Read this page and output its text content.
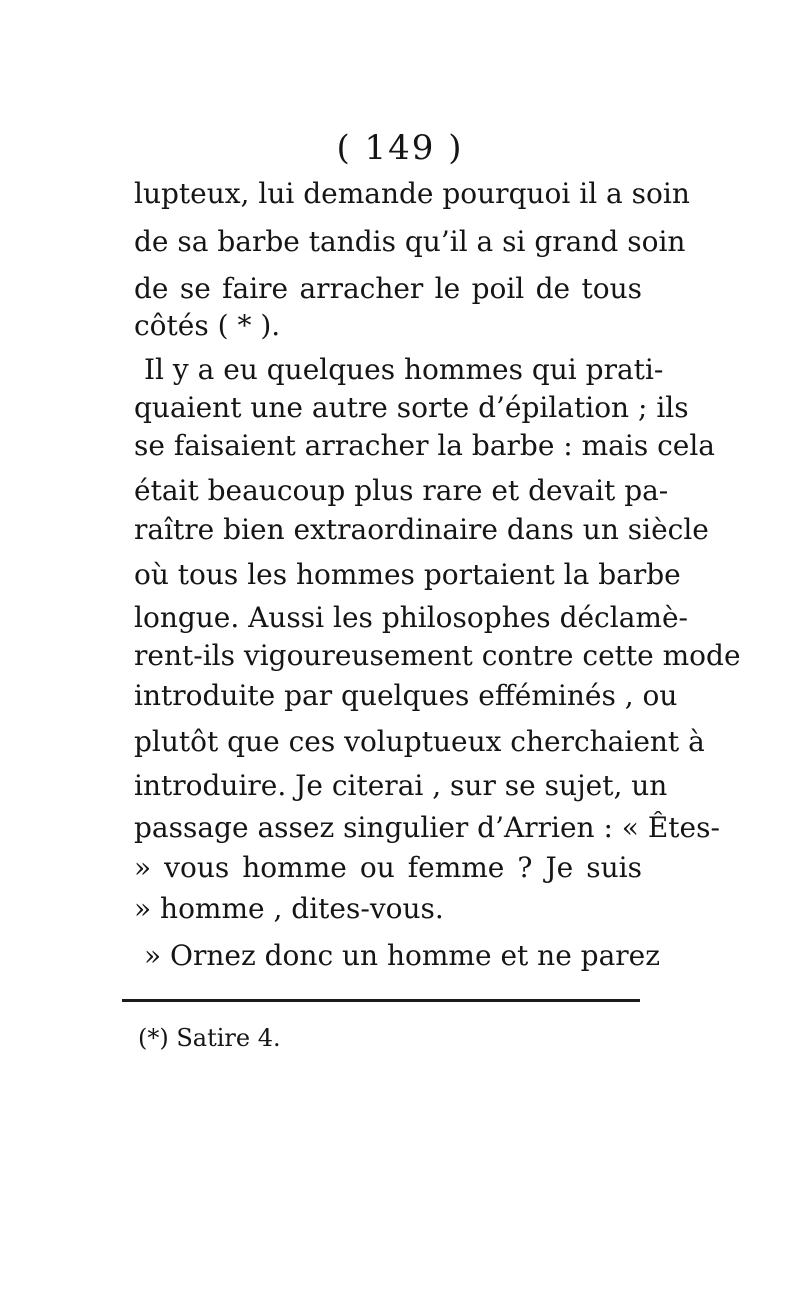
( 149 )
lupteux, lui demande pourquoi il a soin
de sa barbe tandis qu’il a si grand soin
de se faire arracher le poil de tous
côtés ( * ).
Il y a eu quelques hommes qui prati-
quaient une autre sorte d’épilation ; ils
se faisaient arracher la barbe : mais cela
était beaucoup plus rare et devait pa-
raître bien extraordinaire dans un siècle
où tous les hommes portaient la barbe
longue. Aussi les philosophes déclamè-
rent-ils vigoureusement contre cette mode
introduite par quelques efféminés , ou
plutôt que ces voluptueux cherchaient à
introduire. Je citerai , sur se sujet, un
passage assez singulier d’Arrien : « Êtes-
» vous homme ou femme ? Je suis
» homme , dites-vous.
» Ornez donc un homme et ne parez
(*) Satire 4.
